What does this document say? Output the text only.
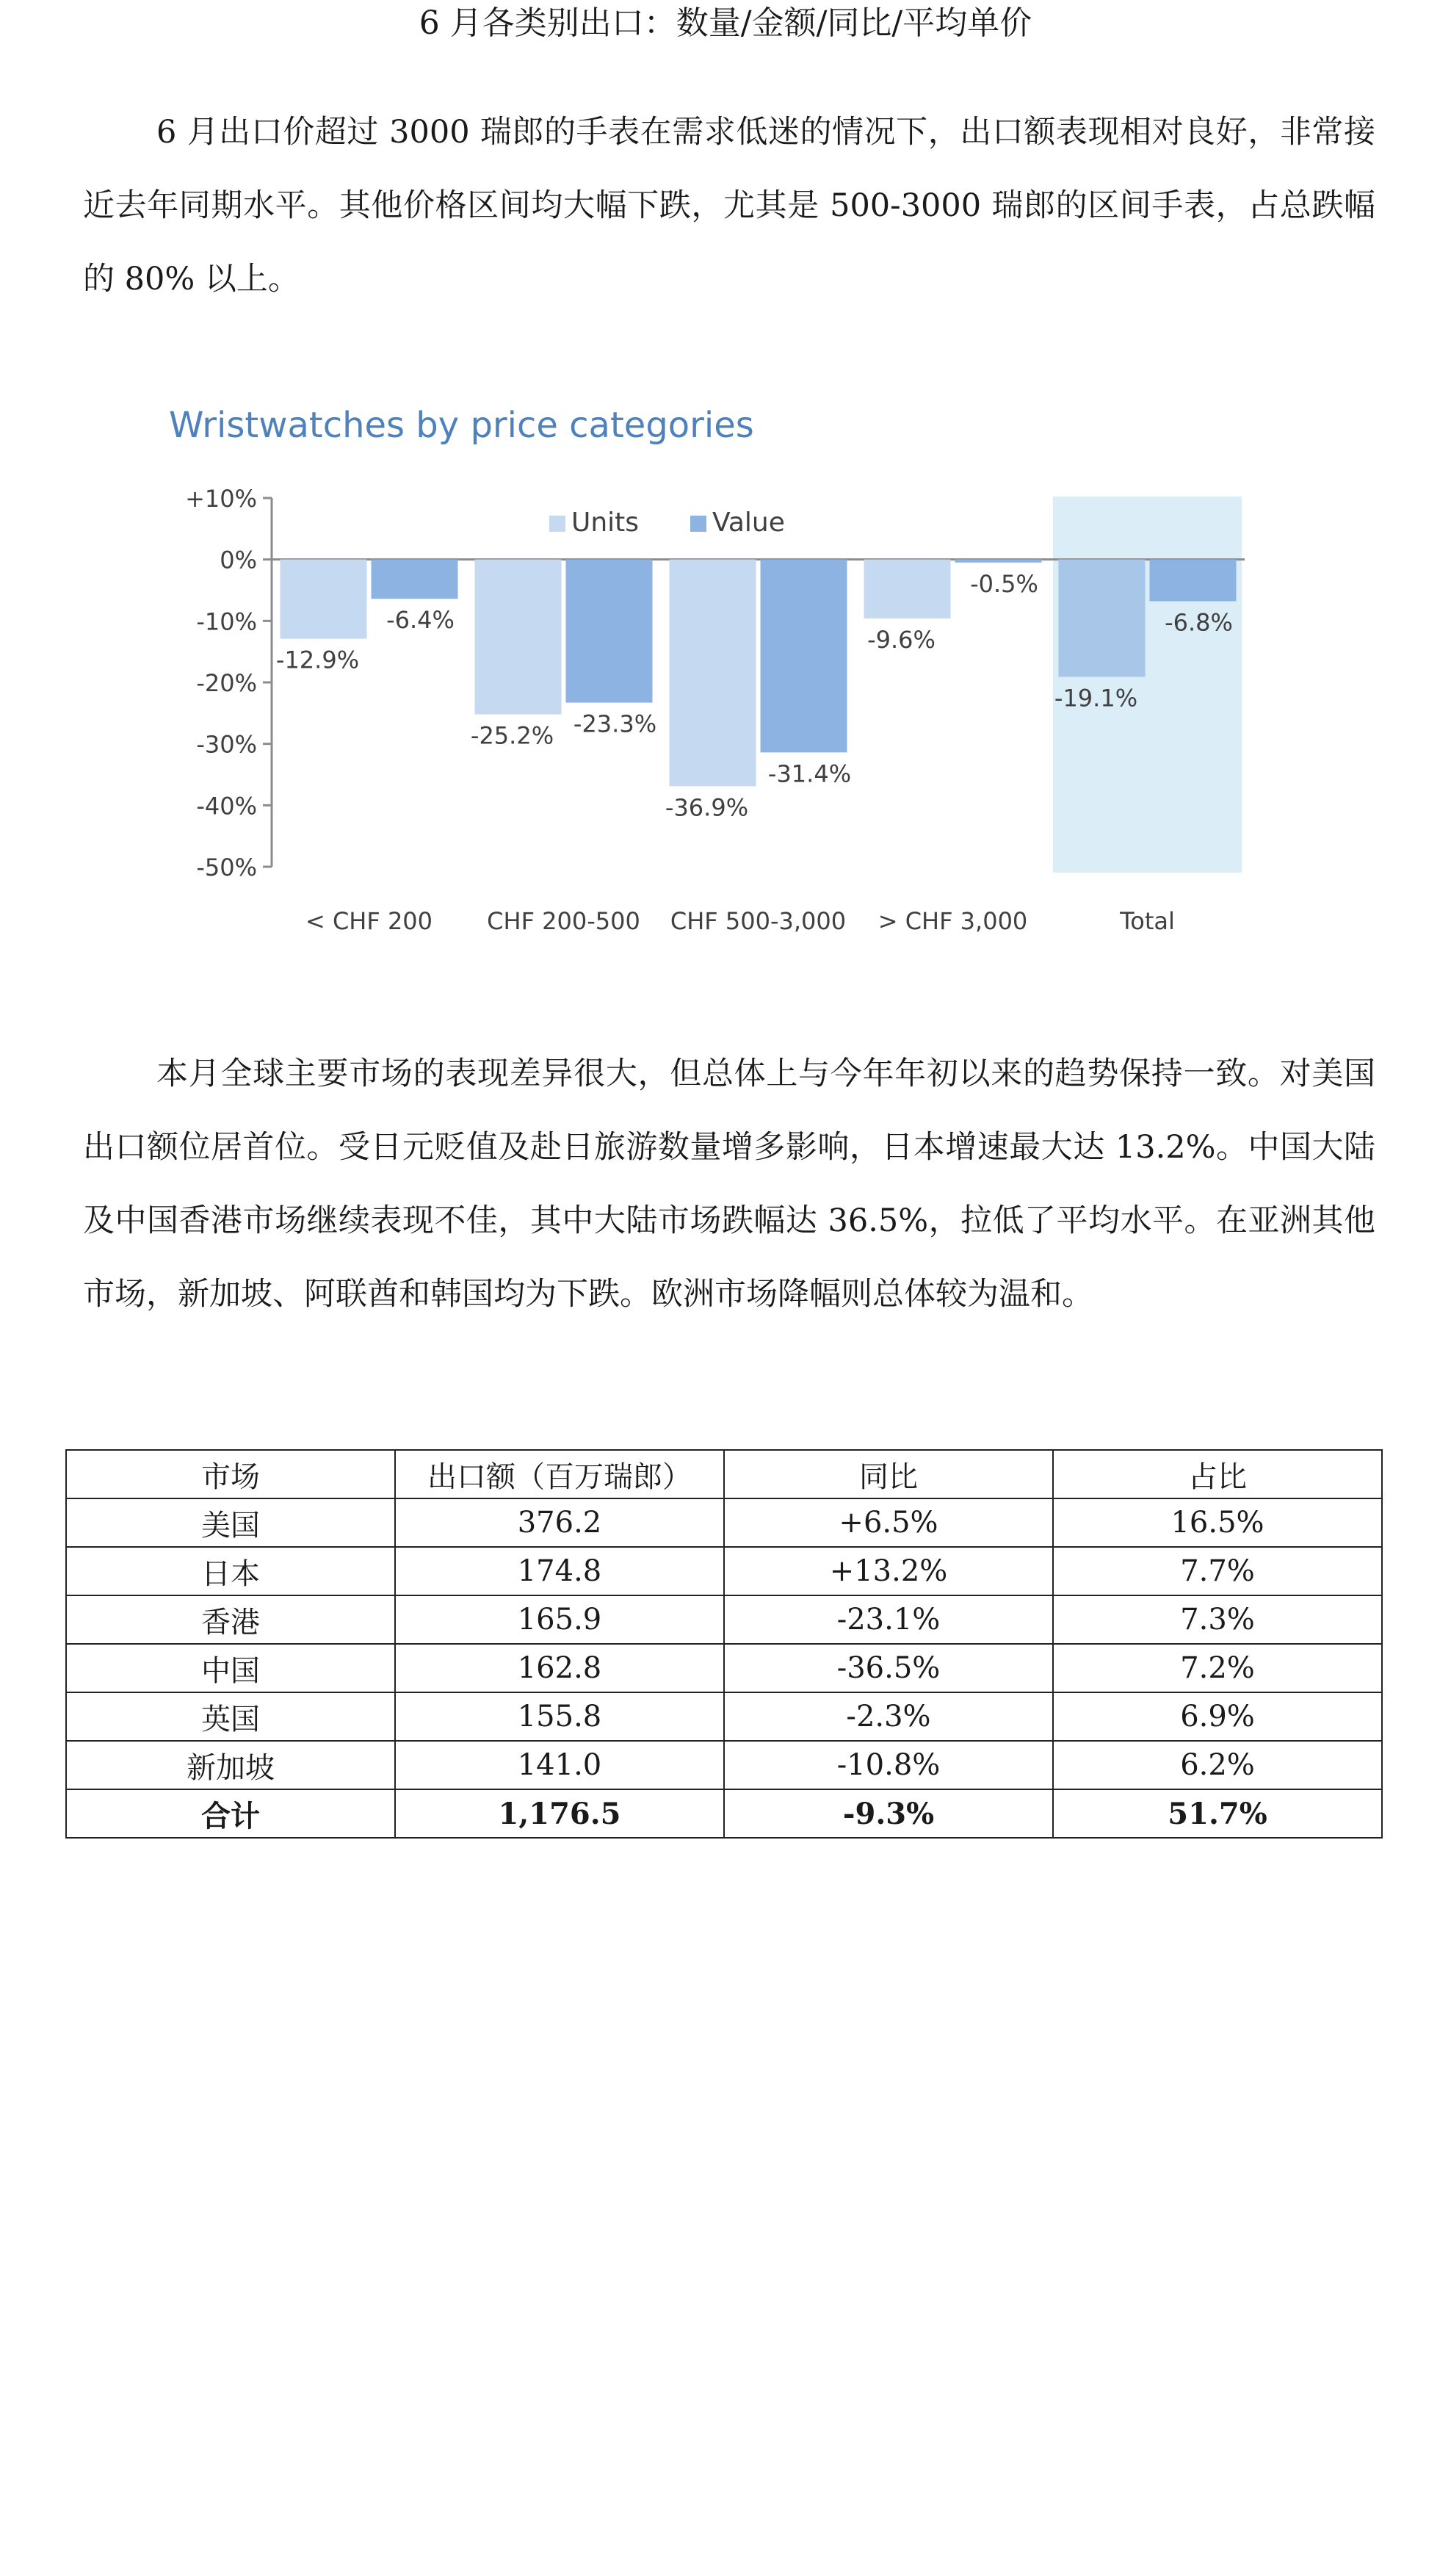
6 月各类别出口：数量/金额/同比/平均单价

6 月出口价超过 3000 瑞郎的手表在需求低迷的情况下，出口额表现相对良好，非常接近去年同期水平。其他价格区间均大幅下跌，尤其是 500-3000 瑞郎的区间手表，占总跌幅的 80% 以上。

Wristwatches by price categories
+10%
0%
-10%
-20%
-30%
-40%
-50%
-12.9%
-6.4%
-25.2% -23.3%
-36.9%
-31.4%
-9.6%
-0.5%
-19.1%
-6.8%
< CHF 200 CHF 200-500 CHF 500-3,000 > CHF 3,000	Total
Units	Value

本月全球主要市场的表现差异很大，但总体上与今年年初以来的趋势保持一致。对美国出口额位居首位。受日元贬值及赴日旅游数量增多影响，日本增速最大达 13.2%。中国大陆及中国香港市场继续表现不佳，其中大陆市场跌幅达 36.5%，拉低了平均水平。在亚洲其他市场，新加坡、阿联酋和韩国均为下跌。欧洲市场降幅则总体较为温和。

市场	出口额（百万瑞郎）	同比	占比
美国	376.2	+6.5%	16.5%
日本	174.8	+13.2%	7.7%
香港	165.9	-23.1%	7.3%
中国	162.8	-36.5%	7.2%
英国	155.8	-2.3%	6.9%
新加坡	141.0	-10.8%	6.2%
合计	1,176.5	-9.3%	51.7%
